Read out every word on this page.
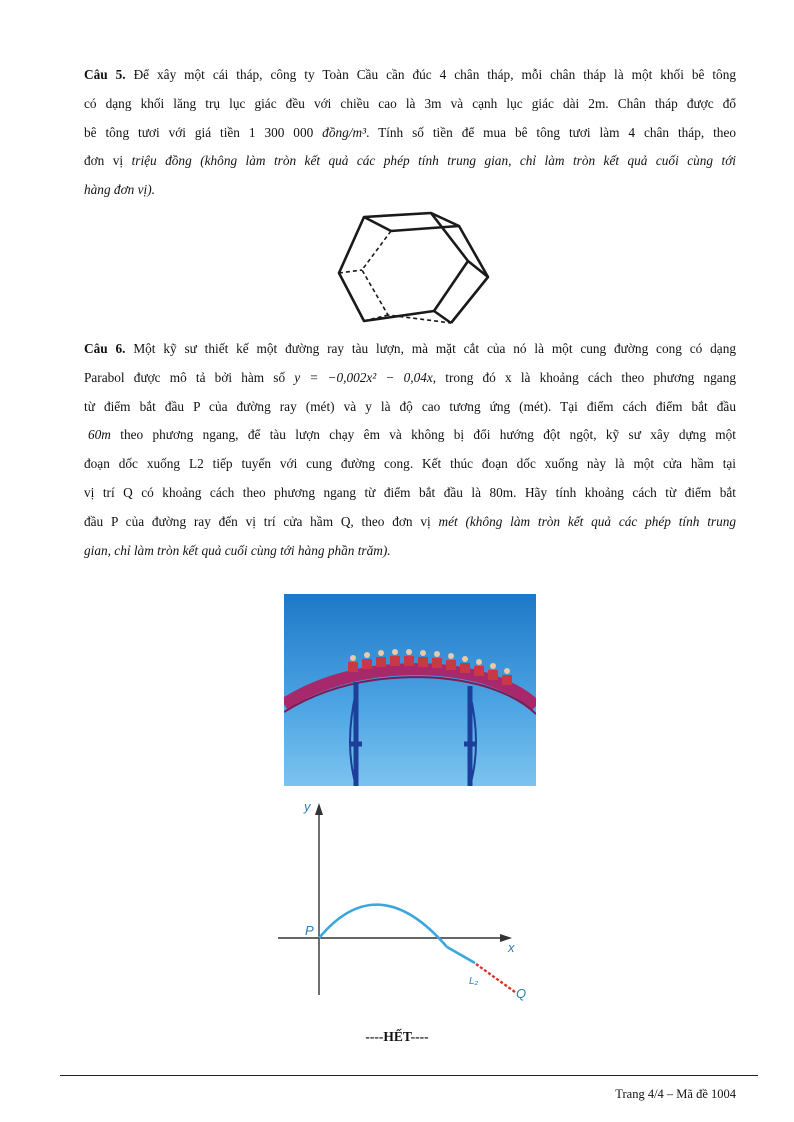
Câu 5. Để xây một cái tháp, công ty Toàn Cầu cần đúc 4 chân tháp, mỗi chân tháp là một khối bê tông
có dạng khối lăng trụ lục giác đều với chiều cao là 3m và cạnh lục giác dài 2m. Chân tháp được đổ
bê tông tươi với giá tiền 1 300 000 đồng/m³. Tính số tiền để mua bê tông tươi làm 4 chân tháp, theo
đơn vị triệu đồng (không làm tròn kết quả các phép tính trung gian, chỉ làm tròn kết quả cuối cùng tới
hàng đơn vị).
Câu 6. Một kỹ sư thiết kế một đường ray tàu lượn, mà mặt cắt của nó là một cung đường cong có dạng
Parabol được mô tả bởi hàm số y = −0,002x² − 0,04x, trong đó x là khoảng cách theo phương ngang
từ điểm bắt đầu P của đường ray (mét) và y là độ cao tương ứng (mét). Tại điểm cách điểm bắt đầu
60m theo phương ngang, để tàu lượn chạy êm và không bị đổi hướng đột ngột, kỹ sư xây dựng một
đoạn dốc xuống L2 tiếp tuyến với cung đường cong. Kết thúc đoạn dốc xuống này là một cửa hầm tại
vị trí Q có khoảng cách theo phương ngang từ điểm bắt đầu là 80m. Hãy tính khoảng cách từ điểm bắt
đầu P của đường ray đến vị trí cửa hầm Q, theo đơn vị mét (không làm tròn kết quả các phép tính trung
gian, chỉ làm tròn kết quả cuối cùng tới hàng phần trăm).
y
x
P
L₂
Q
----HẾT----
Trang 4/4 – Mã đề 1004
